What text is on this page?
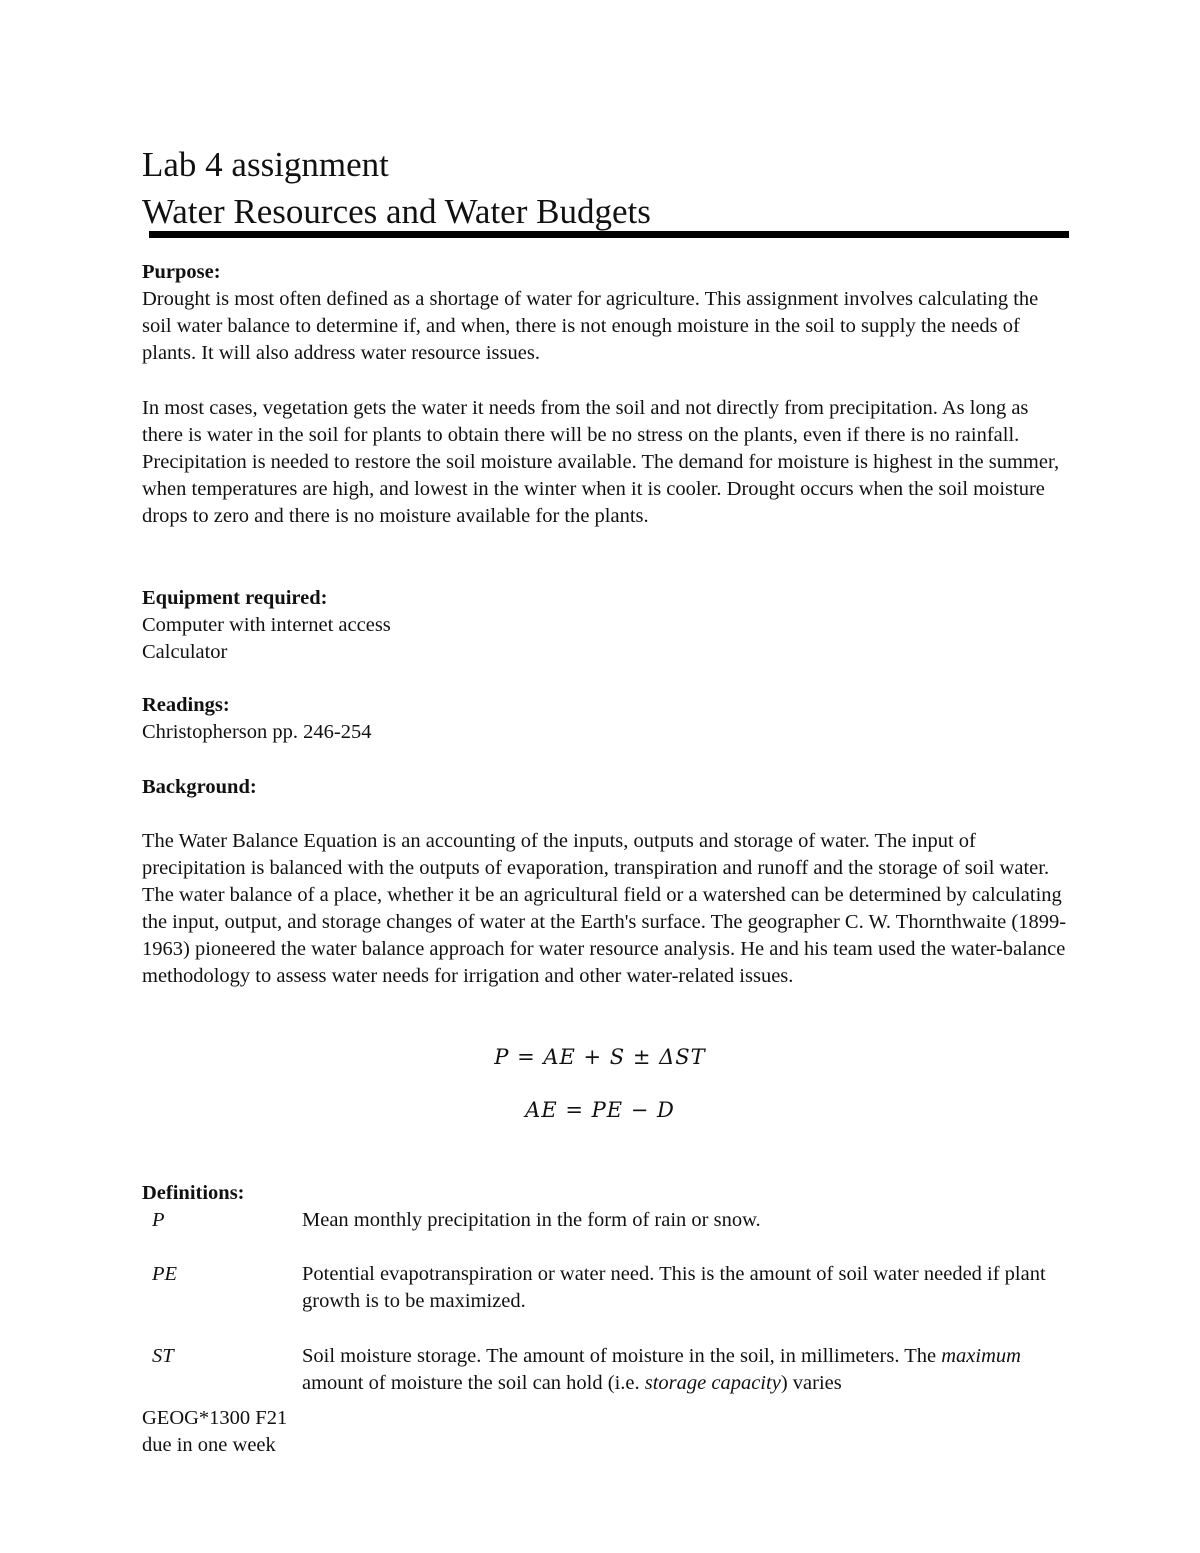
Lab 4 assignment
Water Resources and Water Budgets

Purpose:

Drought is most often defined as a shortage of water for agriculture. This assignment involves calculating the soil water balance to determine if, and when, there is not enough moisture in the soil to supply the needs of plants. It will also address water resource issues.

In most cases, vegetation gets the water it needs from the soil and not directly from precipitation. As long as there is water in the soil for plants to obtain there will be no stress on the plants, even if there is no rainfall. Precipitation is needed to restore the soil moisture available. The demand for moisture is highest in the summer, when temperatures are high, and lowest in the winter when it is cooler. Drought occurs when the soil moisture drops to zero and there is no moisture available for the plants.

Equipment required:

Computer with internet access

Calculator

Readings:

Christopherson pp. 246-254

Background:

The Water Balance Equation is an accounting of the inputs, outputs and storage of water. The input of precipitation is balanced with the outputs of evaporation, transpiration and runoff and the storage of soil water. The water balance of a place, whether it be an agricultural field or a watershed can be determined by calculating the input, output, and storage changes of water at the Earth's surface. The geographer C. W. Thornthwaite (1899-1963) pioneered the water balance approach for water resource analysis. He and his team used the water-balance methodology to assess water needs for irrigation and other water-related issues.

P = AE + S ± ΔST
AE = PE − D

Definitions:

P	Mean monthly precipitation in the form of rain or snow.
PE	Potential evapotranspiration or water need. This is the amount of soil water needed if plant growth is to be maximized.
ST	Soil moisture storage. The amount of moisture in the soil, in millimeters. The maximum amount of moisture the soil can hold (i.e. storage capacity) varies
GEOG*1300 F21
due in one week
